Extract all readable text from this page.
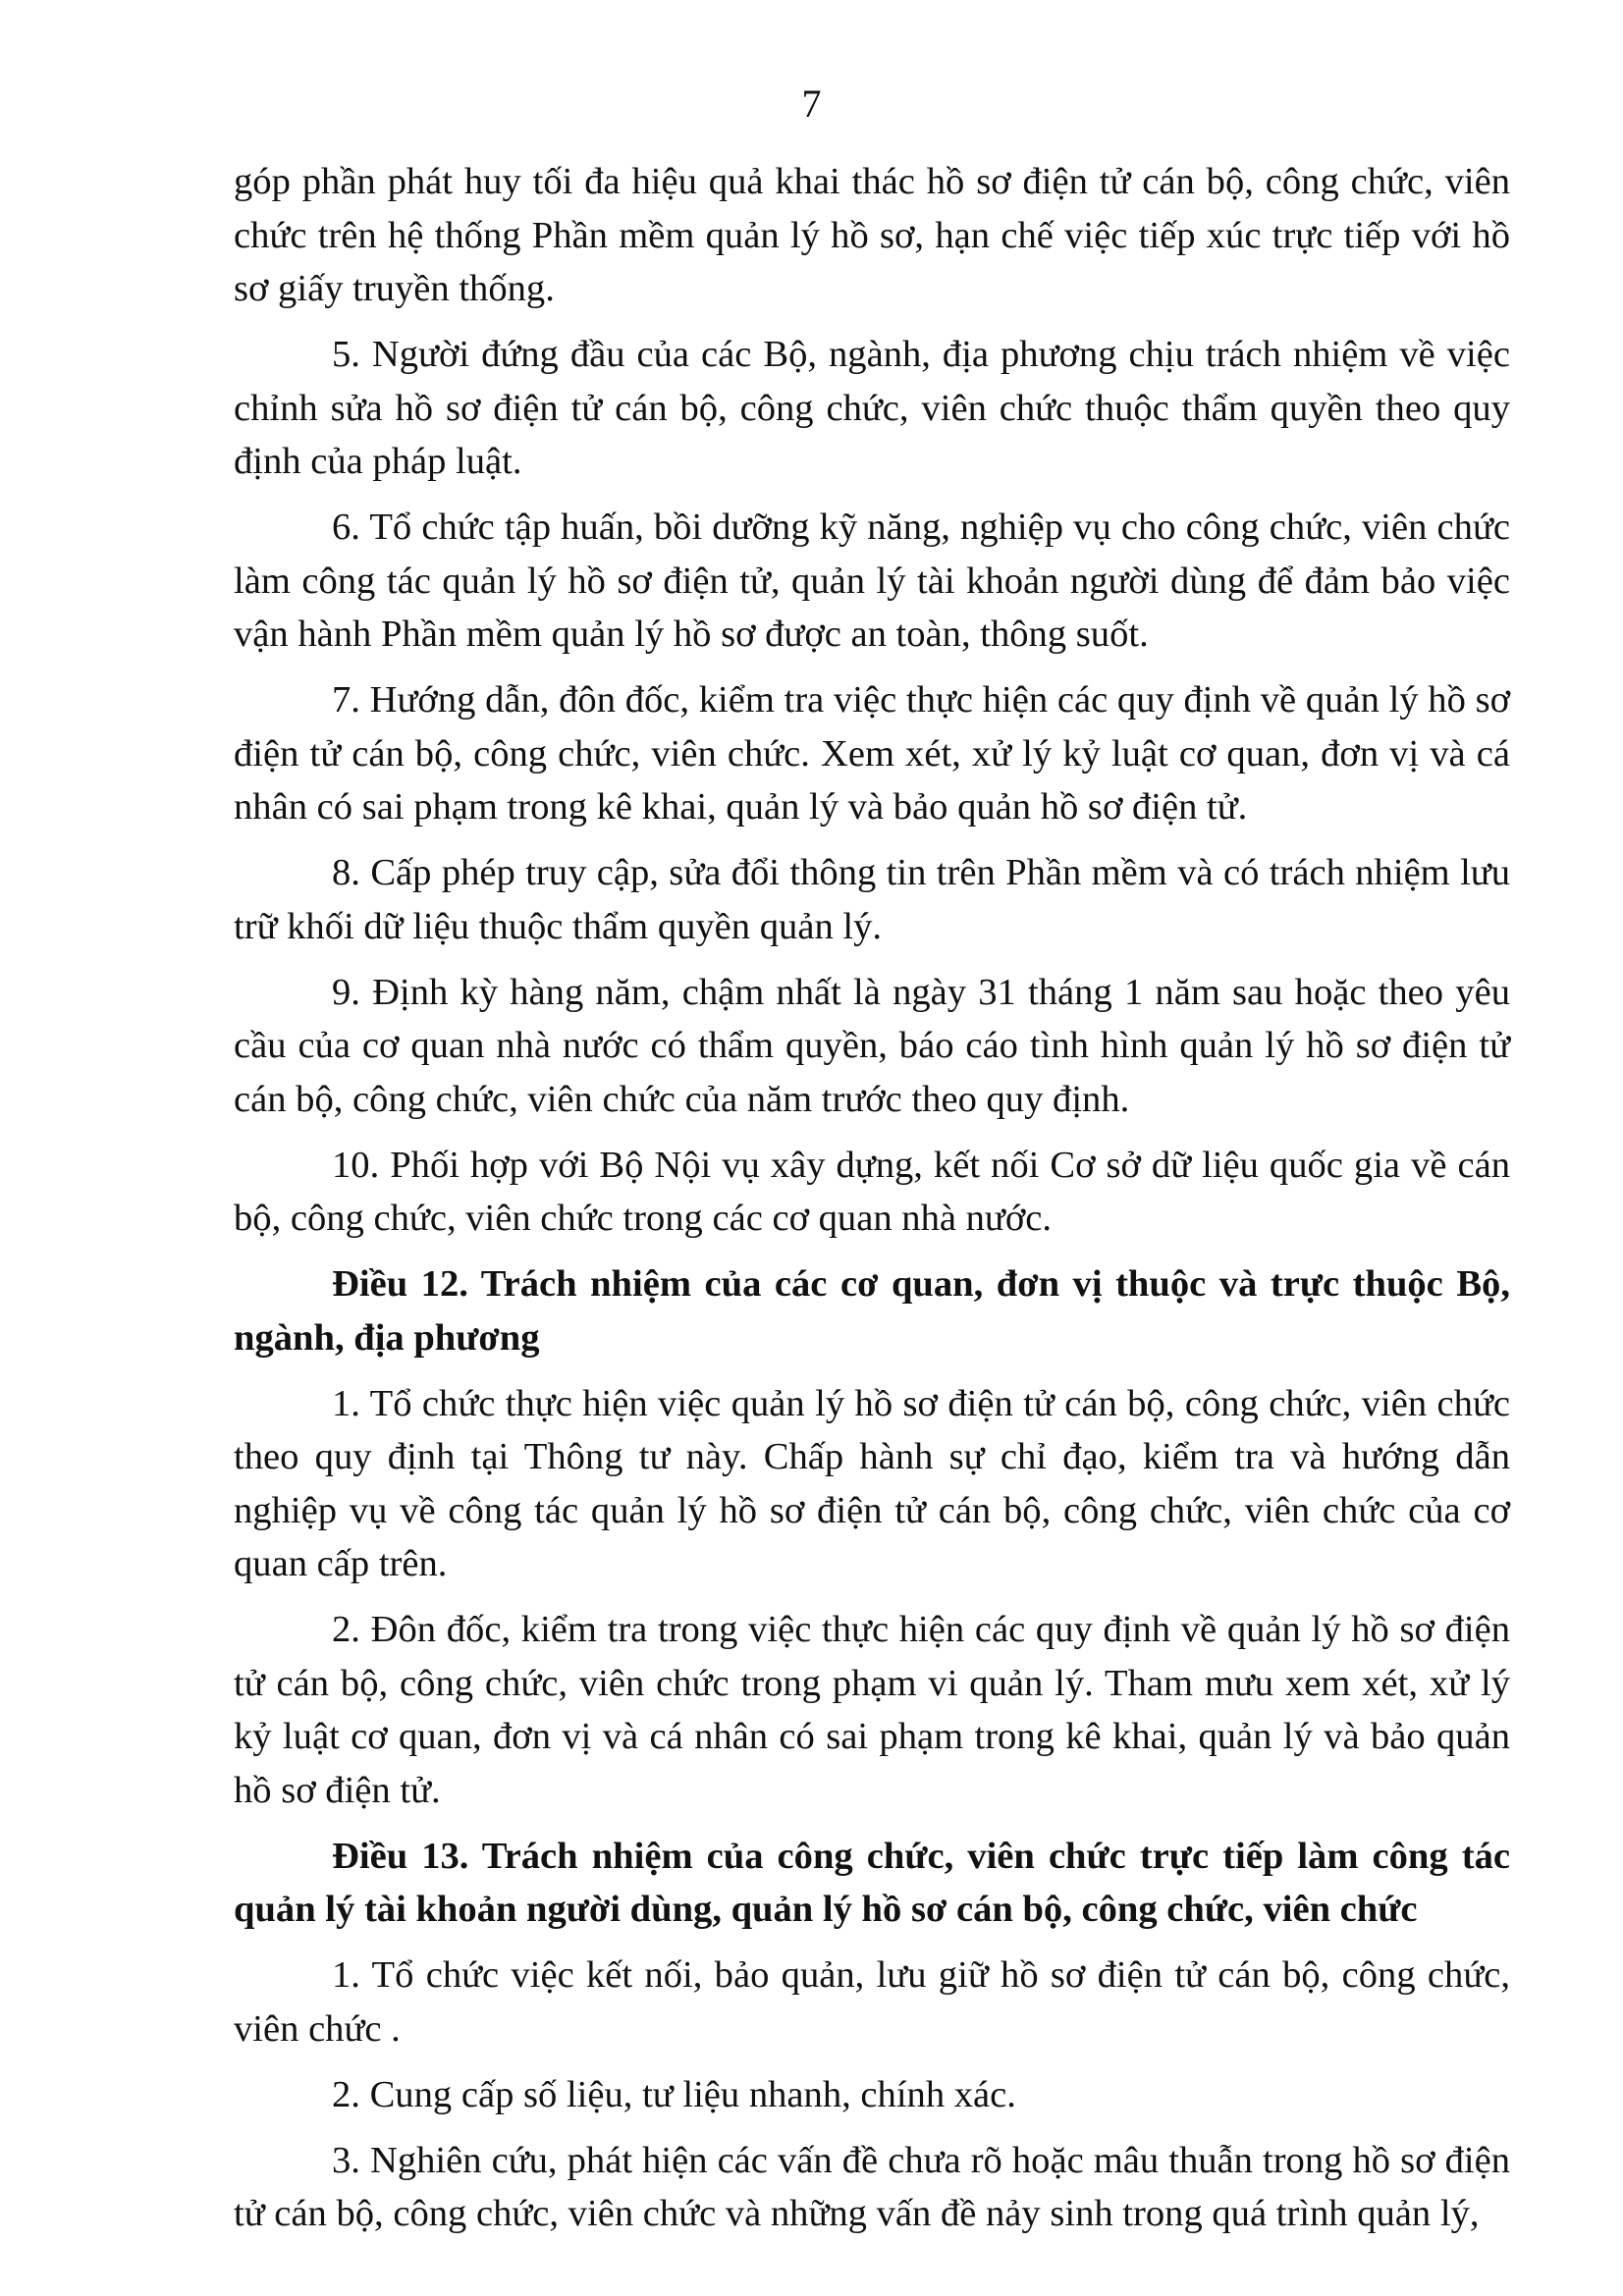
7

góp phần phát huy tối đa hiệu quả khai thác hồ sơ điện tử cán bộ, công chức, viên chức trên hệ thống Phần mềm quản lý hồ sơ, hạn chế việc tiếp xúc trực tiếp với hồ sơ giấy truyền thống.

5. Người đứng đầu của các Bộ, ngành, địa phương chịu trách nhiệm về việc chỉnh sửa hồ sơ điện tử cán bộ, công chức, viên chức thuộc thẩm quyền theo quy định của pháp luật.

6. Tổ chức tập huấn, bồi dưỡng kỹ năng, nghiệp vụ cho công chức, viên chức làm công tác quản lý hồ sơ điện tử, quản lý tài khoản người dùng để đảm bảo việc vận hành Phần mềm quản lý hồ sơ được an toàn, thông suốt.

7. Hướng dẫn, đôn đốc, kiểm tra việc thực hiện các quy định về quản lý hồ sơ điện tử cán bộ, công chức, viên chức. Xem xét, xử lý kỷ luật cơ quan, đơn vị và cá nhân có sai phạm trong kê khai, quản lý và bảo quản hồ sơ điện tử.

8. Cấp phép truy cập, sửa đổi thông tin trên Phần mềm và có trách nhiệm lưu trữ khối dữ liệu thuộc thẩm quyền quản lý.

9. Định kỳ hàng năm, chậm nhất là ngày 31 tháng 1 năm sau hoặc theo yêu cầu của cơ quan nhà nước có thẩm quyền, báo cáo tình hình quản lý hồ sơ điện tử cán bộ, công chức, viên chức của năm trước theo quy định.

10. Phối hợp với Bộ Nội vụ xây dựng, kết nối Cơ sở dữ liệu quốc gia về cán bộ, công chức, viên chức trong các cơ quan nhà nước.

Điều 12. Trách nhiệm của các cơ quan, đơn vị thuộc và trực thuộc Bộ, ngành, địa phương

1. Tổ chức thực hiện việc quản lý hồ sơ điện tử cán bộ, công chức, viên chức theo quy định tại Thông tư này. Chấp hành sự chỉ đạo, kiểm tra và hướng dẫn nghiệp vụ về công tác quản lý hồ sơ điện tử cán bộ, công chức, viên chức của cơ quan cấp trên.

2. Đôn đốc, kiểm tra trong việc thực hiện các quy định về quản lý hồ sơ điện tử cán bộ, công chức, viên chức trong phạm vi quản lý. Tham mưu xem xét, xử lý kỷ luật cơ quan, đơn vị và cá nhân có sai phạm trong kê khai, quản lý và bảo quản hồ sơ điện tử.

Điều 13. Trách nhiệm của công chức, viên chức trực tiếp làm công tác quản lý tài khoản người dùng, quản lý hồ sơ cán bộ, công chức, viên chức

1. Tổ chức việc kết nối, bảo quản, lưu giữ hồ sơ điện tử cán bộ, công chức, viên chức .

2. Cung cấp số liệu, tư liệu nhanh, chính xác.

3. Nghiên cứu, phát hiện các vấn đề chưa rõ hoặc mâu thuẫn trong hồ sơ điện tử cán bộ, công chức, viên chức và những vấn đề nảy sinh trong quá trình quản lý,
